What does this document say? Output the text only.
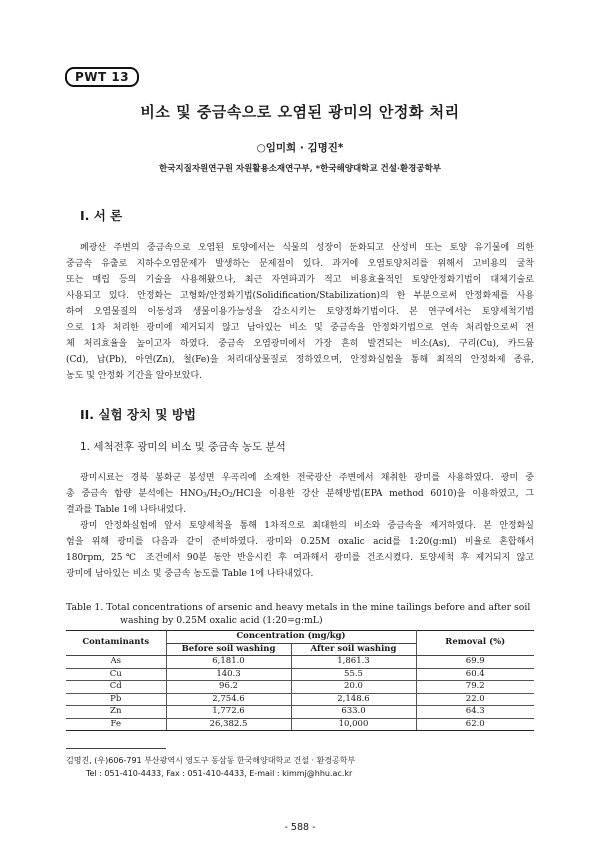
PWT 13
비소 및 중금속으로 오염된 광미의 안정화 처리
○임미희 · 김명진*
한국지질자원연구원 자원활용소재연구부, *한국해양대학교 건설·환경공학부
I. 서 론
폐광산 주변의 중금속으로 오염된 토양에서는 식물의 성장이 둔화되고 산성비 또는 토양 유기물에 의한
중금속 유출로 지하수오염문제가 발생하는 문제점이 있다. 과거에 오염토양처리를 위해서 고비용의 굴착
또는 매립 등의 기술을 사용해왔으나, 최근 자연파괴가 적고 비용효율적인 토양안정화기법이 대체기술로
사용되고 있다. 안정화는 고형화/안정화기법(Solidification/Stabilization)의 한 부분으로써 안정화제를 사용
하여 오염물질의 이동성과 생물이용가능성을 감소시키는 토양정화기법이다. 본 연구에서는 토양세척기법
으로 1차 처리한 광미에 제거되지 않고 남아있는 비소 및 중금속을 안정화기법으로 연속 처리함으로써 전
체 처리효율을 높이고자 하였다. 중금속 오염광미에서 가장 흔히 발견되는 비소(As), 구리(Cu), 카드뮴
(Cd), 납(Pb), 아연(Zn), 철(Fe)을 처리대상물질로 정하였으며, 안정화실험을 통해 최적의 안정화제 종류,
농도 및 안정화 기간을 알아보았다.
II. 실험 장치 및 방법
1. 세척전후 광미의 비소 및 중금속 농도 분석
광미시료는 경북 봉화군 봉성면 우곡리에 소재한 전국광산 주변에서 채취한 광미를 사용하였다. 광미 중
총 중금속 함량 분석에는 $HNO_3/H_2O_2$/HCl을 이용한 강산 분해방법(EPA method 6010)을 이용하였고, 그
결과를 Table 1에 나타내었다.
광미 안정화실험에 앞서 토양세척을 통해 1차적으로 최대한의 비소와 중금속을 제거하였다. 본 안정화실
험을 위해 광미를 다음과 같이 준비하였다. 광미와 0.25M oxalic acid를 1:20(g:ml) 비율로 혼합해서
180rpm, 25℃ 조건에서 90분 동안 반응시킨 후 여과해서 광미를 건조시켰다. 토양세척 후 제거되지 않고
광미에 남아있는 비소 및 중금속 농도를 Table 1에 나타내었다.
Table 1. Total concentrations of arsenic and heavy metals in the mine tailings before and after soil
washing by 0.25M oxalic acid (1:20=g:mL)
Contaminants	Concentration (mg/kg)		Removal (%)
	Before soil washing	After soil washing	
As	6,181.0	1,861.3	69.9
Cu	140.3	55.5	60.4
Cd	96.2	20.0	79.2
Pb	2,754.6	2,148.6	22.0
Zn	1,772.6	633.0	64.3
Fe	26,382.5	10,000	62.0
김명진, (우)606-791 부산광역시 영도구 동삼동 한국해양대학교 건설 · 환경공학부
Tel : 051-410-4433, Fax : 051-410-4433, E-mail : kimmj@hhu.ac.kr
- 588 -
